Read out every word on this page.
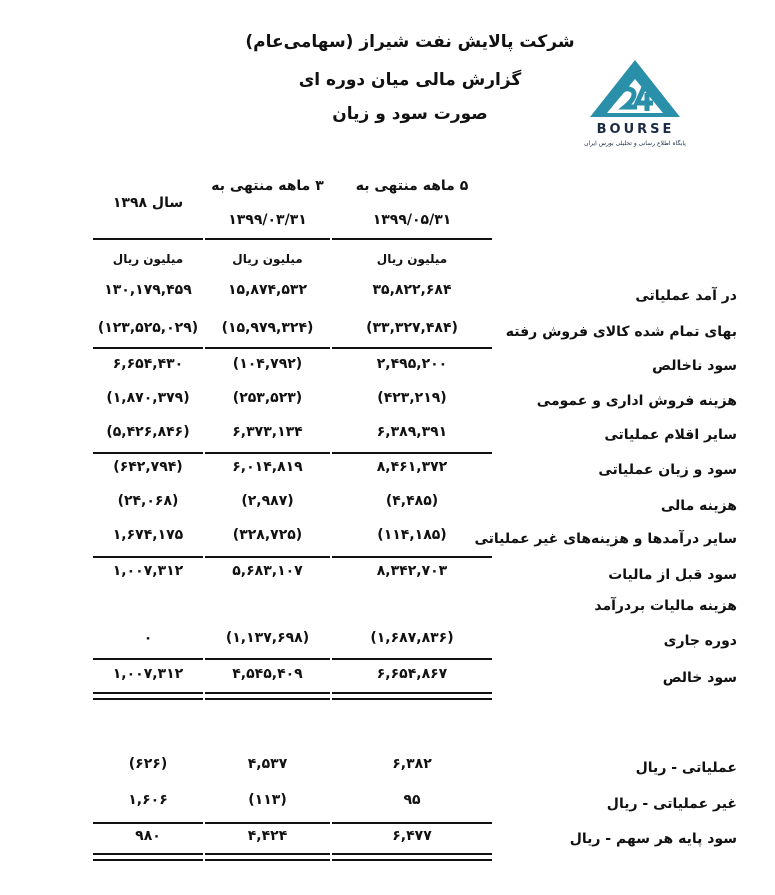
شرکت پالایش نفت شیراز (سهامی‌عام)
گزارش مالی میان دوره ای
صورت سود و زیان
BOURSE
پایگاه اطلاع رسانی و تحلیلی بورس ایران
۵ ماهه منتهی به
۱۳۹۹/۰۵/۳۱
۳ ماهه منتهی به
۱۳۹۹/۰۳/۳۱
سال ۱۳۹۸
میلیون ریال
میلیون ریال
میلیون ریال
در آمد عملیاتی
۳۵,۸۲۲,۶۸۴
۱۵,۸۷۴,۵۳۲
۱۳۰,۱۷۹,۴۵۹
بهای تمام شده کالای فروش رفته
(۳۳,۳۲۷,۴۸۴)
(۱۵,۹۷۹,۳۲۴)
(۱۲۳,۵۲۵,۰۲۹)
سود ناخالص
۲,۴۹۵,۲۰۰
(۱۰۴,۷۹۲)
۶,۶۵۴,۴۳۰
هزینه فروش اداری و عمومی
(۴۲۳,۲۱۹)
(۲۵۳,۵۲۳)
(۱,۸۷۰,۳۷۹)
سایر اقلام عملیاتی
۶,۳۸۹,۳۹۱
۶,۳۷۳,۱۳۴
(۵,۴۲۶,۸۴۶)
سود و زیان عملیاتی
۸,۴۶۱,۳۷۲
۶,۰۱۴,۸۱۹
(۶۴۲,۷۹۴)
هزینه مالی
(۴,۴۸۵)
(۲,۹۸۷)
(۲۴,۰۶۸)
سایر درآمدها و هزینه‌های غیر عملیاتی
(۱۱۴,۱۸۵)
(۳۲۸,۷۲۵)
۱,۶۷۴,۱۷۵
سود قبل از مالیات
۸,۳۴۲,۷۰۳
۵,۶۸۳,۱۰۷
۱,۰۰۷,۳۱۲
هزینه مالیات بردرآمد
دوره جاری
(۱,۶۸۷,۸۳۶)
(۱,۱۳۷,۶۹۸)
۰
سود خالص
۶,۶۵۴,۸۶۷
۴,۵۴۵,۴۰۹
۱,۰۰۷,۳۱۲
عملیاتی - ریال
۶,۳۸۲
۴,۵۳۷
(۶۲۶)
غیر عملیاتی - ریال
۹۵
(۱۱۳)
۱,۶۰۶
سود پایه هر سهم - ریال
۶,۴۷۷
۴,۴۲۴
۹۸۰
